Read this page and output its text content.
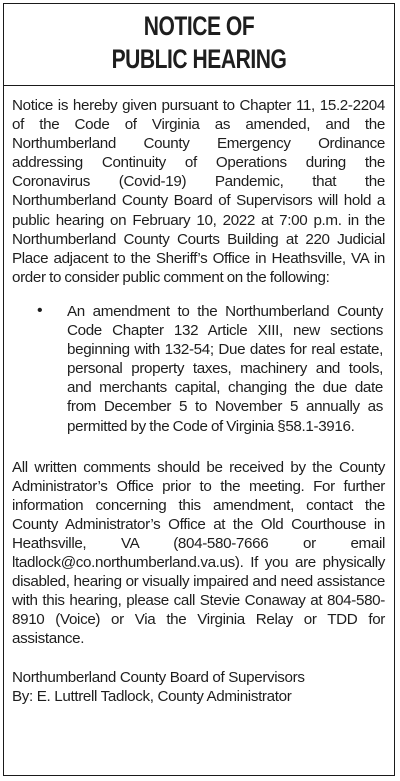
NOTICE OF
PUBLIC HEARING

Notice is hereby given pursuant to Chapter 11, 15.2-2204 of the Code of Virginia as amended, and the Northumberland County Emergency Ordinance addressing Continuity of Operations during the Coronavirus (Covid-19) Pandemic, that the Northumberland County Board of Supervisors will hold a public hearing on February 10, 2022 at 7:00 p.m. in the Northumberland County Courts Building at 220 Judicial Place adjacent to the Sheriff’s Office in Heathsville, VA in order to consider public comment on the following:

• An amendment to the Northumberland County Code Chapter 132 Article XIII, new sections beginning with 132-54; Due dates for real estate, personal property taxes, machinery and tools, and merchants capital, changing the due date from December 5 to November 5 annually as permitted by the Code of Virginia §58.1-3916.

All written comments should be received by the County Administrator’s Office prior to the meeting. For further information concerning this amendment, contact the County Administrator’s Office at the Old Courthouse in Heathsville, VA (804-580-7666 or email ltadlock@co.northumberland.va.us). If you are physically disabled, hearing or visually impaired and need assistance with this hearing, please call Stevie Conaway at 804-580-8910 (Voice) or Via the Virginia Relay or TDD for assistance.

Northumberland County Board of Supervisors
By: E. Luttrell Tadlock, County Administrator
